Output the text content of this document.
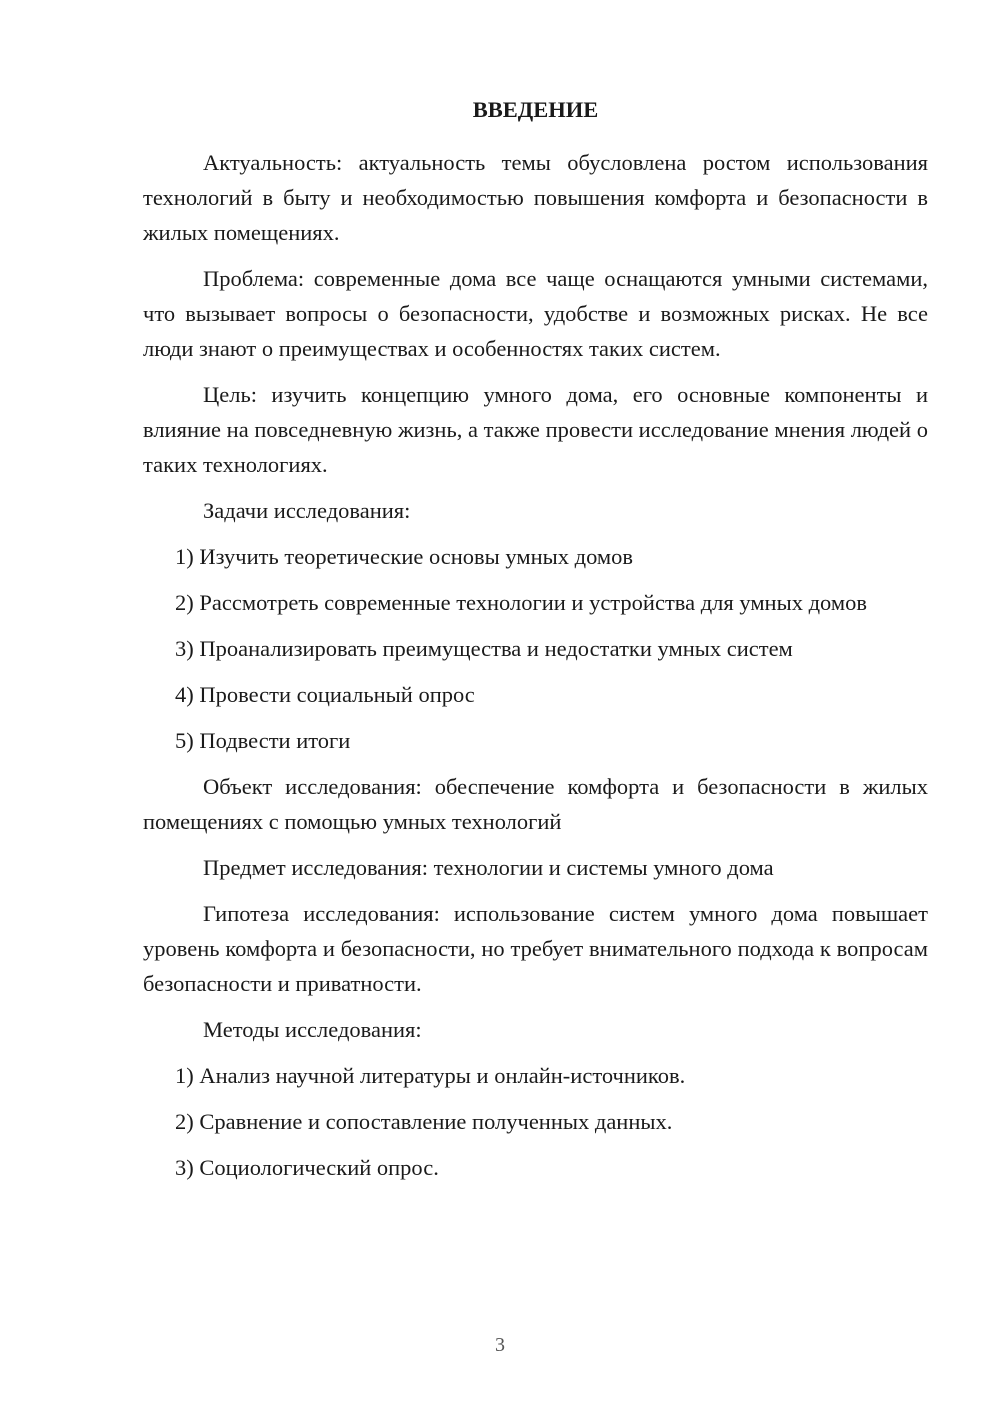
ВВЕДЕНИЕ

Актуальность: актуальность темы обусловлена ростом использования технологий в быту и необходимостью повышения комфорта и безопасности в жилых помещениях.

Проблема: современные дома все чаще оснащаются умными системами, что вызывает вопросы о безопасности, удобстве и возможных рисках. Не все люди знают о преимуществах и особенностях таких систем.

Цель: изучить концепцию умного дома, его основные компоненты и влияние на повседневную жизнь, а также провести исследование мнения людей о таких технологиях.

Задачи исследования:

1) Изучить теоретические основы умных домов

2) Рассмотреть современные технологии и устройства для умных домов

3) Проанализировать преимущества и недостатки умных систем

4) Провести социальный опрос

5) Подвести итоги

Объект исследования: обеспечение комфорта и безопасности в жилых помещениях с помощью умных технологий

Предмет исследования: технологии и системы умного дома

Гипотеза исследования: использование систем умного дома повышает уровень комфорта и безопасности, но требует внимательного подхода к вопросам безопасности и приватности.

Методы исследования:

1) Анализ научной литературы и онлайн-источников.

2) Сравнение и сопоставление полученных данных.

3) Социологический опрос.

3
